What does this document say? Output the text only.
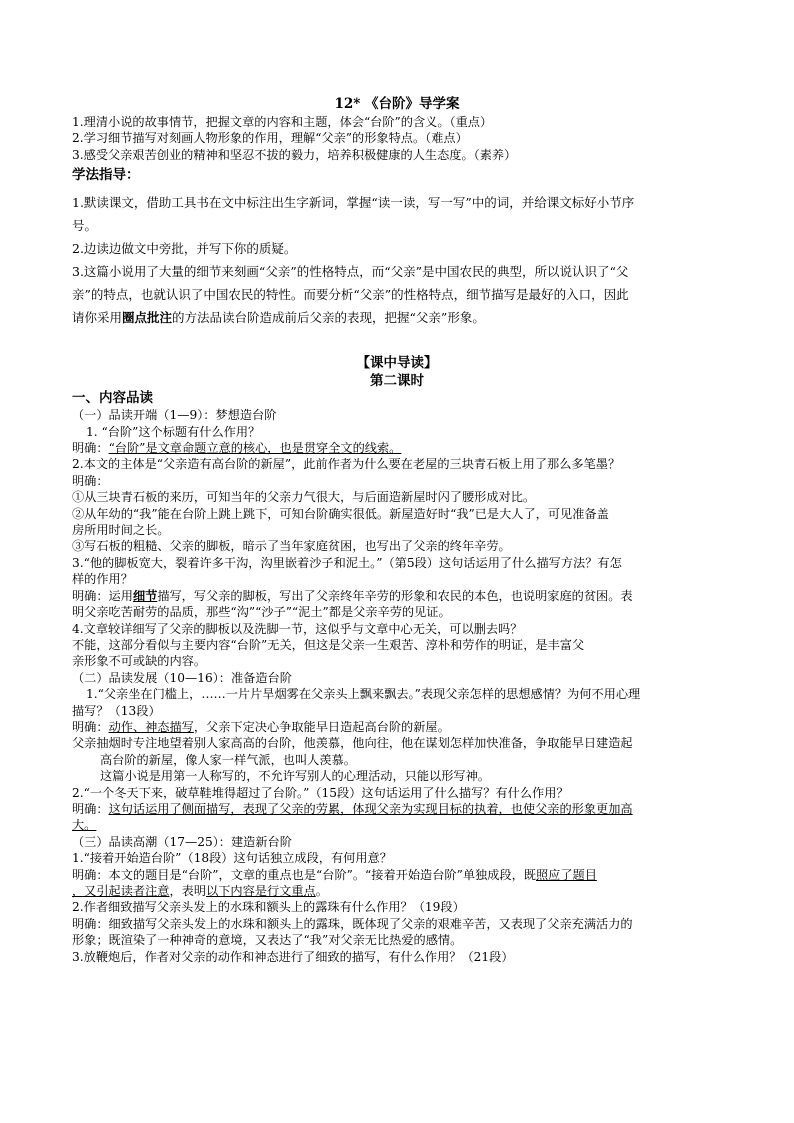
12* 《台阶》导学案
1.理清小说的故事情节，把握文章的内容和主题，体会“台阶”的含义。（重点）
2.学习细节描写对刻画人物形象的作用，理解“父亲”的形象特点。（难点）
3.感受父亲艰苦创业的精神和坚忍不拔的毅力，培养积极健康的人生态度。（素养）
学法指导：
1.默读课文，借助工具书在文中标注出生字新词，掌握“读一读，写一写”中的词，并给课文标好小节序
号。
2.边读边做文中旁批，并写下你的质疑。
3.这篇小说用了大量的细节来刻画“父亲”的性格特点，而“父亲”是中国农民的典型，所以说认识了“父
亲”的特点，也就认识了中国农民的特性。而要分析“父亲”的性格特点，细节描写是最好的入口，因此
请你采用圈点批注的方法品读台阶造成前后父亲的表现，把握“父亲”形象。
【课中导读】
第二课时
一、内容品读
（一）品读开端（1—9）：梦想造台阶
1. “台阶”这个标题有什么作用？
明确：“台阶”是文章命题立意的核心，也是贯穿全文的线索。
2.本文的主体是“父亲造有高台阶的新屋”，此前作者为什么要在老屋的三块青石板上用了那么多笔墨？
明确：
①从三块青石板的来历，可知当年的父亲力气很大，与后面造新屋时闪了腰形成对比。
②从年幼的“我”能在台阶上跳上跳下，可知台阶确实很低。新屋造好时“我”已是大人了，可见准备盖
房所用时间之长。
③写石板的粗糙、父亲的脚板，暗示了当年家庭贫困，也写出了父亲的终年辛劳。
3.“他的脚板宽大，裂着许多干沟，沟里嵌着沙子和泥土。”（第5段）这句话运用了什么描写方法？有怎
样的作用？
明确：运用细节描写，写父亲的脚板，写出了父亲终年辛劳的形象和农民的本色，也说明家庭的贫困。表
明父亲吃苦耐劳的品质，那些“沟”“沙子”“泥土”都是父亲辛劳的见证。
4.文章较详细写了父亲的脚板以及洗脚一节，这似乎与文章中心无关，可以删去吗？
不能，这部分看似与主要内容“台阶”无关，但这是父亲一生艰苦、淳朴和劳作的明证，是丰富父
亲形象不可或缺的内容。
（二）品读发展（10—16）：准备造台阶
1.“父亲坐在门槛上，……一片片旱烟雾在父亲头上飘来飘去。”表现父亲怎样的思想感情？为何不用心理
描写？（13段）
明确：动作、神态描写，父亲下定决心争取能早日造起高台阶的新屋。
父亲抽烟时专注地望着别人家高高的台阶，他羡慕，他向往，他在谋划怎样加快准备，争取能早日建造起
高台阶的新屋，像人家一样气派，也叫人羡慕。
这篇小说是用第一人称写的，不允许写别人的心理活动，只能以形写神。
2.“一个冬天下来，破草鞋堆得超过了台阶。”（15段）这句话运用了什么描写？有什么作用？
明确：这句话运用了侧面描写，表现了父亲的劳累，体现父亲为实现目标的执着，也使父亲的形象更加高
大。
（三）品读高潮（17—25）：建造新台阶
1.“接着开始造台阶”（18段）这句话独立成段，有何用意？
明确：本文的题目是“台阶”，文章的重点也是“台阶”。“接着开始造台阶”单独成段，既照应了题目
，又引起读者注意，表明以下内容是行文重点。
2.作者细致描写父亲头发上的水珠和额头上的露珠有什么作用？（19段）
明确：细致描写父亲头发上的水珠和额头上的露珠，既体现了父亲的艰难辛苦，又表现了父亲充满活力的
形象；既渲染了一种神奇的意境，又表达了“我”对父亲无比热爱的感情。
3.放鞭炮后，作者对父亲的动作和神态进行了细致的描写，有什么作用？（21段）
